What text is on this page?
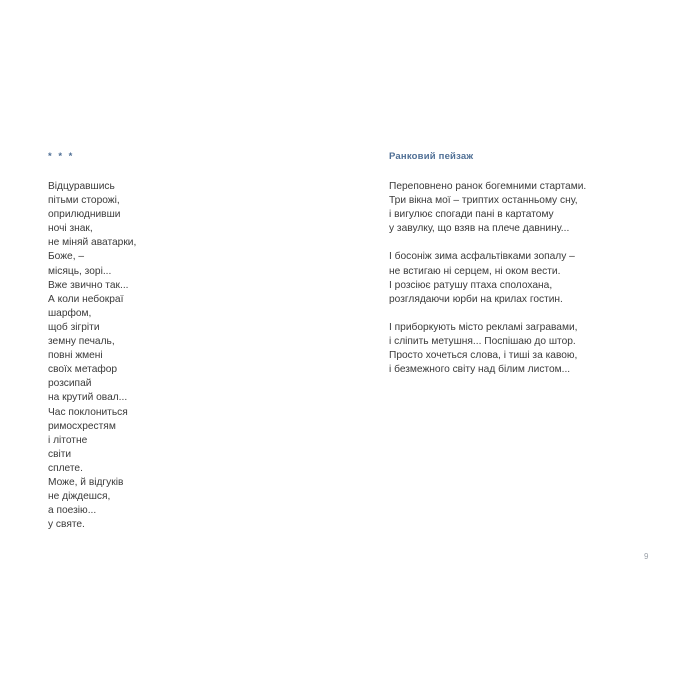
* * *
Відцуравшись
пітьми сторожі,
оприлюднивши
ночі знак,
не міняй аватарки,
Боже, –
місяць, зорі...
Вже звично так...
А коли небокраї
шарфом,
щоб зігріти
земну печаль,
повні жмені
своїх метафор
розсипай
на крутий овал...
Час поклониться
римосхрестям
і літотне
світи
сплете.
Може, й відгуків
не діждешся,
а поезію...
у святе.
Ранковий пейзаж
Переповнено ранок богемними стартами.
Три вікна мої – триптих останньому сну,
і вигулює спогади пані в картатому
у завулку, що взяв на плече давнину...
І босоніж зима асфальтівками зопалу –
не встигаю ні серцем, ні оком вести.
І розсіює ратушу птаха сполохана,
розглядаючи юрби на крилах гостин.
І приборкують місто рекламі загравами,
і сліпить метушня... Поспішаю до штор.
Просто хочеться слова, і тиші за кавою,
і безмежного світу над білим листом...
9
